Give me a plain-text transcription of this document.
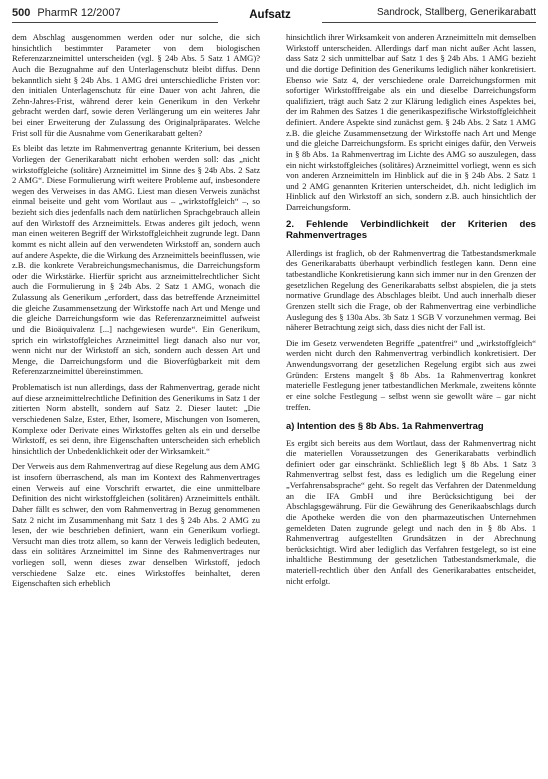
500 PharmR 12/2007	Aufsatz	Sandrock, Stallberg, Generikarabatt

dem Abschlag ausgenommen werden oder nur solche, die sich hinsichtlich bestimmter Parameter von dem biologischen Referenzarzneimittel unterscheiden (vgl. § 24b Abs. 5 Satz 1 AMG)? Auch die Bezugnahme auf den Unterlagenschutz bleibt diffus. Denn bekanntlich sieht § 24b Abs. 1 AMG drei unterschiedliche Fristen vor: den initialen Unterlagenschutz für eine Dauer von acht Jahren, die Zehn-Jahres-Frist, während derer kein Generikum in den Verkehr gebracht werden darf, sowie deren Verlängerung um ein weiteres Jahr bei einer Erweiterung der Zulassung des Originalpräparates. Welche Frist soll für die Ausnahme vom Generikarabatt gelten?

Es bleibt das letzte im Rahmenvertrag genannte Kriterium, bei dessen Vorliegen der Generikarabatt nicht erhoben werden soll: das „nicht wirkstoffgleiche (solitäre) Arzneimittel im Sinne des § 24b Abs. 2 Satz 2 AMG“. Diese Formulierung wirft weitere Probleme auf, insbesondere wegen des Verweises in das AMG. Liest man diesen Verweis zunächst einmal beiseite und geht vom Wortlaut aus – „wirkstoffgleich“ –, so bezieht sich dies jedenfalls nach dem natürlichen Sprachgebrauch allein auf den Wirkstoff des Arzneimittels. Etwas anderes gilt jedoch, wenn man einen weiteren Begriff der Wirkstoffgleichheit zugrunde legt. Dann kommt es nicht allein auf den verwendeten Wirkstoff an, sondern auch auf andere Aspekte, die die Wirkung des Arzneimittels beeinflussen, wie z.B. die konkrete Verabreichungsmechanismus, die Darreichungsform oder die Wirkstärke. Hierfür spricht aus arzneimittelrechtlicher Sicht auch die Formulierung in § 24b Abs. 2 Satz 1 AMG, wonach die Zulassung als Generikum „erfordert, dass das betreffende Arzneimittel die gleiche Zusammensetzung der Wirkstoffe nach Art und Menge und die gleiche Darreichungsform wie das Referenzarzneimittel aufweist und die Bioäquivalenz [...] nachgewiesen wurde“. Ein Generikum, sprich ein wirkstoffgleiches Arzneimittel liegt danach also nur vor, wenn nicht nur der Wirkstoff an sich, sondern auch dessen Art und Menge, die Darreichungsform und die Bioverfügbarkeit mit dem Referenzarzneimittel übereinstimmen.

Problematisch ist nun allerdings, dass der Rahmenvertrag, gerade nicht auf diese arzneimittelrechtliche Definition des Generikums in Satz 1 der zitierten Norm abstellt, sondern auf Satz 2. Dieser lautet: „Die verschiedenen Salze, Ester, Ether, Isomere, Mischungen von Isomeren, Komplexe oder Derivate eines Wirkstoffes gelten als ein und derselbe Wirkstoff, es sei denn, ihre Eigenschaften unterscheiden sich erheblich hinsichtlich der Unbedenklichkeit oder der Wirksamkeit.“

Der Verweis aus dem Rahmenvertrag auf diese Regelung aus dem AMG ist insofern überraschend, als man im Kontext des Rahmenvertrages einen Verweis auf eine Vorschrift erwartet, die eine unmittelbare Definition des nicht wirkstoffgleichen (solitären) Arzneimittels enthält. Daher fällt es schwer, den vom Rahmenvertrag in Bezug genommenen Satz 2 nicht im Zusammenhang mit Satz 1 des § 24b Abs. 2 AMG zu lesen, der wie beschrieben definiert, wann ein Generikum vorliegt. Versucht man dies trotz allem, so kann der Verweis lediglich bedeuten, dass ein solitäres Arzneimittel im Sinne des Rahmenvertrages nur vorliegen soll, wenn dieses zwar denselben Wirkstoff, jedoch verschiedene Salze etc. eines Wirkstoffes beinhaltet, deren Eigenschaften sich erheblich

hinsichtlich ihrer Wirksamkeit von anderen Arzneimitteln mit demselben Wirkstoff unterscheiden. Allerdings darf man nicht außer Acht lassen, dass Satz 2 sich unmittelbar auf Satz 1 des § 24b Abs. 1 AMG bezieht und die dortige Definition des Generikums lediglich näher konkretisiert. Ebenso wie Satz 4, der verschiedene orale Darreichungsformen mit sofortiger Wirkstofffreigabe als ein und dieselbe Darreichungsform qualifiziert, trägt auch Satz 2 zur Klärung lediglich eines Aspektes bei, der im Rahmen des Satzes 1 die generikaspezifische Wirkstoffgleichheit definiert. Andere Aspekte sind zunächst gem. § 24b Abs. 2 Satz 1 AMG z.B. die gleiche Zusammensetzung der Wirkstoffe nach Art und Menge und die gleiche Darreichungsform. Es spricht einiges dafür, den Verweis in § 8b Abs. 1a Rahmenvertrag im Lichte des AMG so auszulegen, dass ein nicht wirkstoffgleiches (solitäres) Arzneimittel vorliegt, wenn es sich von anderen Arzneimitteln im Hinblick auf die in § 24b Abs. 2 Satz 1 und 2 AMG genannten Kriterien unterscheidet, d.h. nicht lediglich im Hinblick auf den Wirkstoff an sich, sondern z.B. auch hinsichtlich der Darreichungsform.

2. Fehlende Verbindlichkeit der Kriterien des Rahmenvertrages

Allerdings ist fraglich, ob der Rahmenvertrag die Tatbestandsmerkmale des Generikarabatts überhaupt verbindlich festlegen kann. Denn eine tatbestandliche Konkretisierung kann sich immer nur in den Grenzen der gesetzlichen Regelung des Generikarabatts selbst abspielen, die ja stets normative Grundlage des Abschlages bleibt. Und auch innerhalb dieser Grenzen stellt sich die Frage, ob der Rahmenvertrag eine verbindliche Auslegung des § 130a Abs. 3b Satz 1 SGB V vorzunehmen vermag. Bei näherer Betrachtung zeigt sich, dass dies nicht der Fall ist.

Die im Gesetz verwendeten Begriffe „patentfrei“ und „wirkstoffgleich“ werden nicht durch den Rahmenvertrag verbindlich konkretisiert. Der Anwendungsvorrang der gesetzlichen Regelung ergibt sich aus zwei Gründen: Erstens mangelt § 8b Abs. 1a Rahmenvertrag konkret materielle Festlegung jener tatbestandlichen Merkmale, zweitens könnte er eine solche Festlegung – selbst wenn sie gewollt wäre – gar nicht treffen.

a) Intention des § 8b Abs. 1a Rahmenvertrag

Es ergibt sich bereits aus dem Wortlaut, dass der Rahmenvertrag nicht die materiellen Voraussetzungen des Generikarabatts verbindlich definiert oder gar einschränkt. Schließlich legt § 8b Abs. 1 Satz 3 Rahmenvertrag selbst fest, dass es lediglich um die Regelung einer „Verfahrensabsprache“ geht. So regelt das Verfahren der Datenmeldung an die IFA GmbH und ihre Berücksichtigung bei der Abschlagsgewährung. Für die Gewährung des Generikaabschlags durch die Apotheke werden die von den pharmazeutischen Unternehmen gemeldeten Daten zugrunde gelegt und nach den in § 8b Abs. 1 Rahmenvertrag aufgestellten Grundsätzen in der Abrechnung berücksichtigt. Wird aber lediglich das Verfahren festgelegt, so ist eine inhaltliche Bestimmung der gesetzlichen Tatbestandsmerkmale, die materiell-rechtlich über den Anfall des Generikarabattes entscheidet, nicht erfolgt.
